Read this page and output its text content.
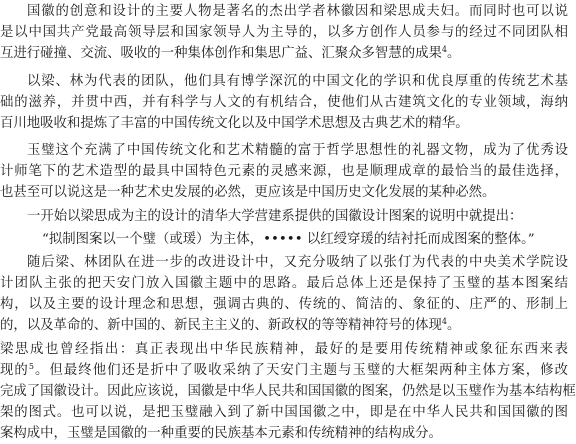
国徽的创意和设计的主要人物是著名的杰出学者林徽因和梁思成夫妇。而同时也可以说
是以中国共产党最高领导层和国家领导人为主导的，以多方创作人员参与的经过不同团队相
互进行碰撞、交流、吸收的一种集体创作和集思广益、汇聚众多智慧的成果$^4$。
以梁、林为代表的团队，他们具有博学深沉的中国文化的学识和优良厚重的传统艺术基
础的滋养，并贯中西，并有科学与人文的有机结合，使他们从古建筑文化的专业领域，海纳
百川地吸收和提炼了丰富的中国传统文化以及中国学术思想及古典艺术的精华。
玉璧这个充满了中国传统文化和艺术精髓的富于哲学思想性的礼器文物，成为了优秀设
计师笔下的艺术造型的最具中国特色元素的灵感来源，也是顺理成章的最恰当的最佳选择，
也甚至可以说这是一种艺术史发展的必然，更应该是中国历史文化发展的某种必然。
一开始以梁思成为主的设计的清华大学营建系提供的国徽设计图案的说明中就提出：
“拟制图案以一个璧（或瑗）为主体，••••• 以红绶穿瑗的结衬托而成图案的整体。”
随后梁、林团队在进一步的改进设计中，又充分吸纳了以张仃为代表的中央美术学院设
计团队主张的把天安门放入国徽主题中的思路。最后总体上还是保持了玉璧的基本图案结
构，以及主要的设计理念和思想，强调古典的、传统的、简洁的、象征的、庄严的、形制上
的，以及革命的、新中国的、新民主主义的、新政权的等等精神符号的体现$^4$。
梁思成也曾经指出：真正表现出中华民族精神，最好的是要用传统精神或象征东西来表
现的$^5$。但最终他们还是折中了吸收采纳了天安门主题与玉璧的大框架两种主体方案，修改
完成了国徽设计。因此应该说，国徽是中华人民共和国国徽的图案，仍然是以玉璧作为基本结构框
架的图式。也可以说，是把玉璧融入到了新中国国徽之中，即是在中华人民共和国国徽的图
案构成中，玉璧是国徽的一种重要的民族基本元素和传统精神的结构成分。
